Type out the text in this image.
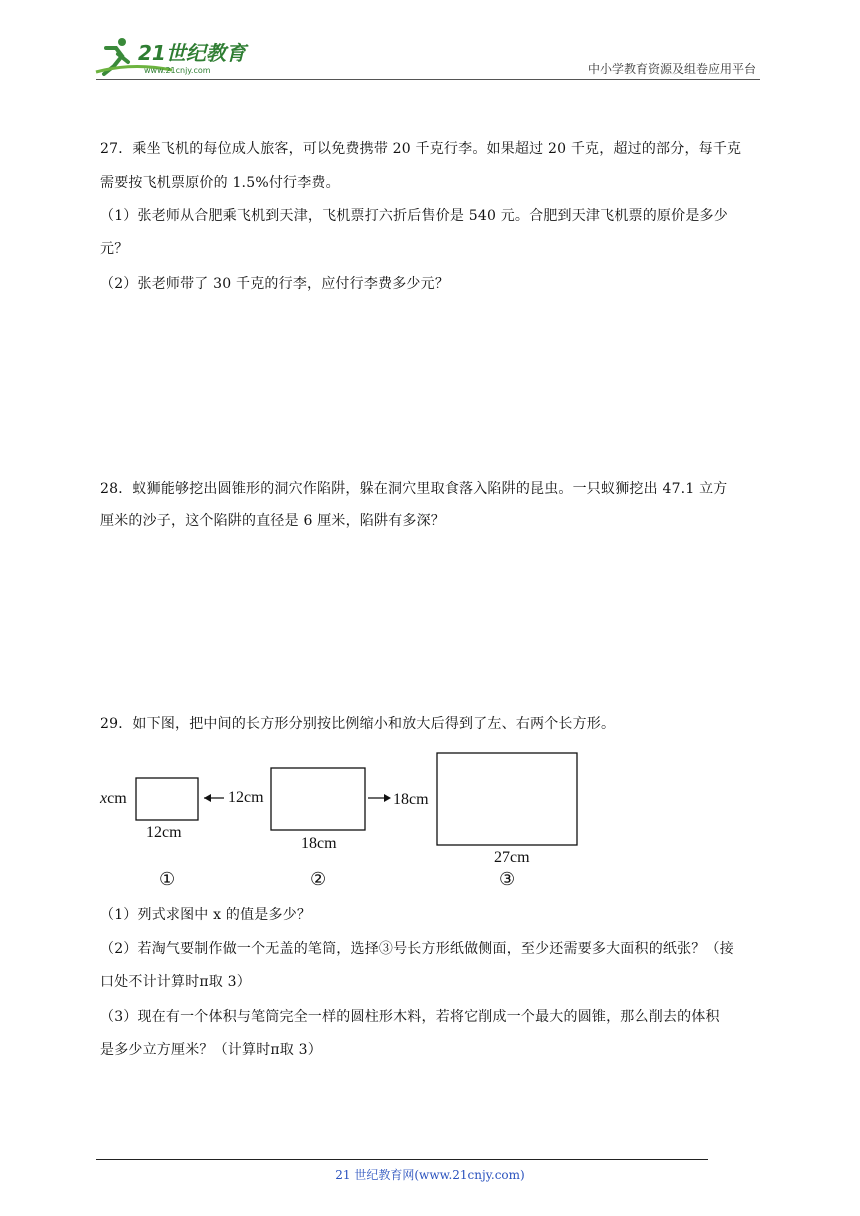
21世纪教育
www.21cnjy.com	中小学教育资源及组卷应用平台
27．乘坐飞机的每位成人旅客，可以免费携带 20 千克行李。如果超过 20 千克，超过的部分，每千克
需要按飞机票原价的 1.5%付行李费。
（1）张老师从合肥乘飞机到天津，飞机票打六折后售价是 540 元。合肥到天津飞机票的原价是多少
元？
（2）张老师带了 30 千克的行李，应付行李费多少元？
28．蚁狮能够挖出圆锥形的洞穴作陷阱，躲在洞穴里取食落入陷阱的昆虫。一只蚁狮挖出 47.1 立方
厘米的沙子，这个陷阱的直径是 6 厘米，陷阱有多深？
29．如下图，把中间的长方形分别按比例缩小和放大后得到了左、右两个长方形。
xcm
12cm
12cm
18cm
18cm
27cm
①	②	③
（1）列式求图中 x 的值是多少？
（2）若淘气要制作做一个无盖的笔筒，选择③号长方形纸做侧面，至少还需要多大面积的纸张？（接
口处不计计算时π取 3）
（3）现在有一个体积与笔筒完全一样的圆柱形木料，若将它削成一个最大的圆锥，那么削去的体积
是多少立方厘米？（计算时π取 3）
21 世纪教育网(www.21cnjy.com)
